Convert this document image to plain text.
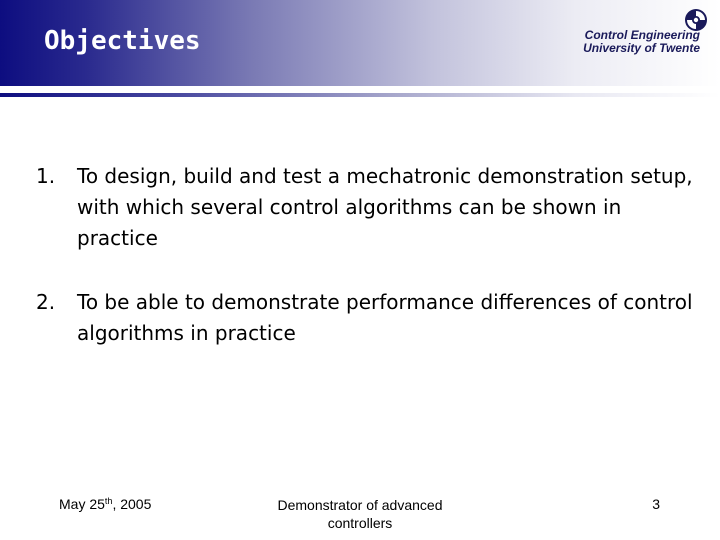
Objectives	Control Engineering
University of Twente
1. To design, build and test a mechatronic demonstration setup, with which several control algorithms can be shown in practice
2. To be able to demonstrate performance differences of control algorithms in practice
May 25th, 2005	Demonstrator of advanced controllers
3
